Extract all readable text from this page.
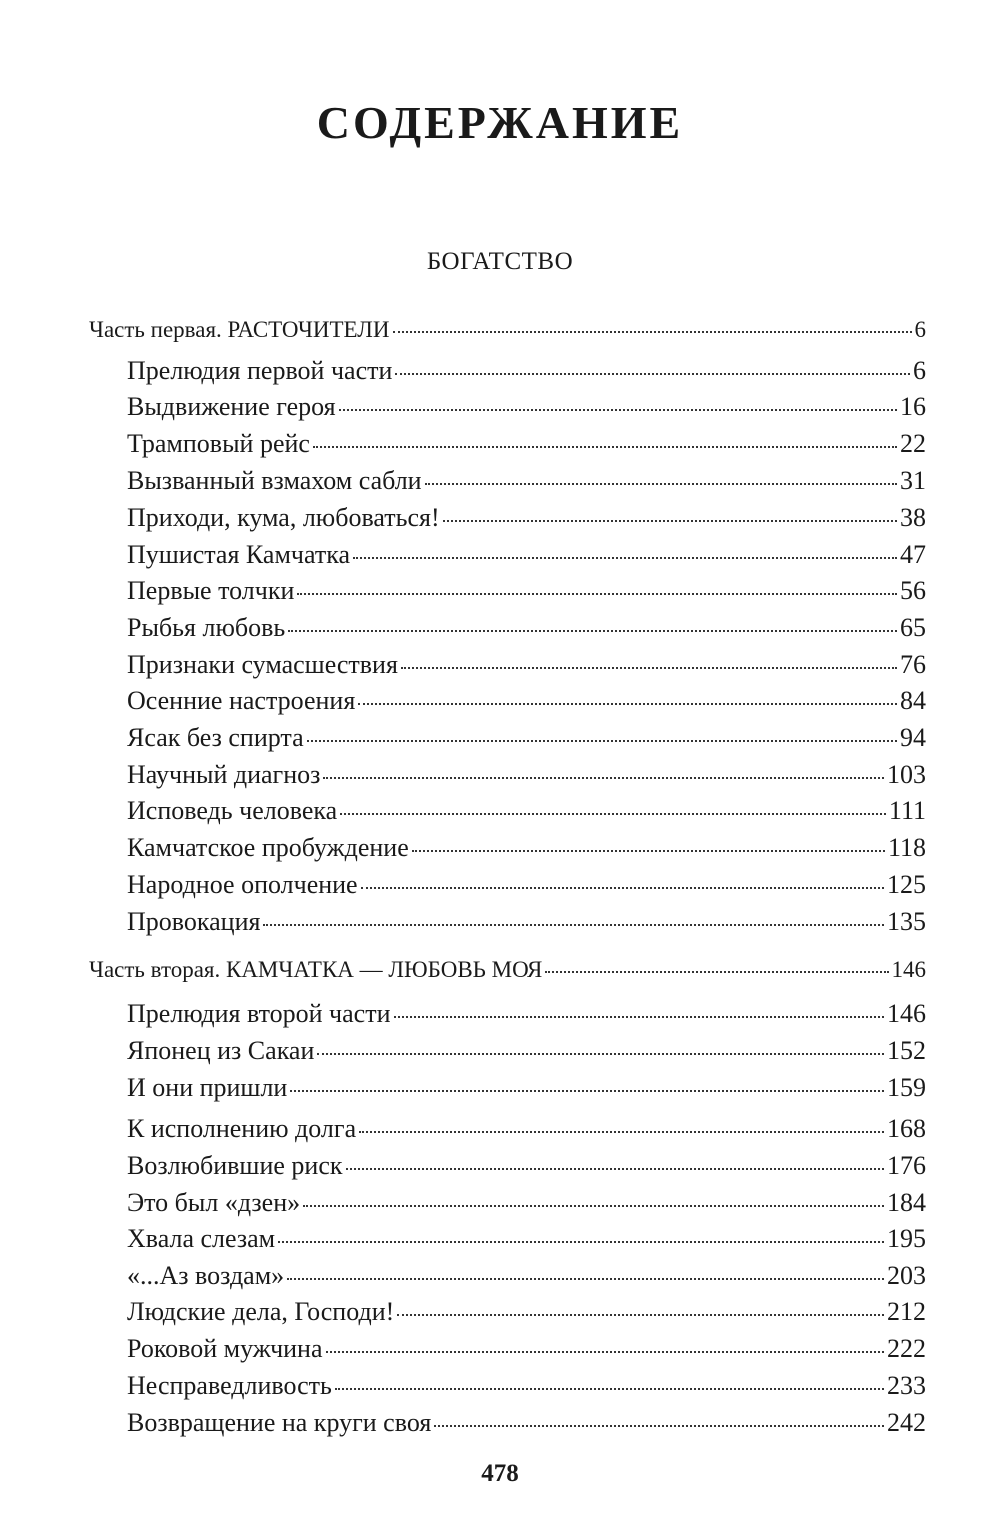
СОДЕРЖАНИЕ
БОГАТСТВО
Часть первая. РАСТОЧИТЕЛИ	6
Прелюдия первой части	6
Выдвижение героя	16
Трамповый рейс	22
Вызванный взмахом сабли	31
Приходи, кума, любоваться!	38
Пушистая Камчатка	47
Первые толчки	56
Рыбья любовь	65
Признаки сумасшествия	76
Осенние настроения	84
Ясак без спирта	94
Научный диагноз	103
Исповедь человека	111
Камчатское пробуждение	118
Народное ополчение	125
Провокация	135
Часть вторая. КАМЧАТКА — ЛЮБОВЬ МОЯ	146
Прелюдия второй части	146
Японец из Сакаи	152
И они пришли	159
К исполнению долга	168
Возлюбившие риск	176
Это был «дзен»	184
Хвала слезам	195
«...Аз воздам»	203
Людские дела, Господи!	212
Роковой мужчина	222
Несправедливость	233
Возвращение на круги своя	242
478
